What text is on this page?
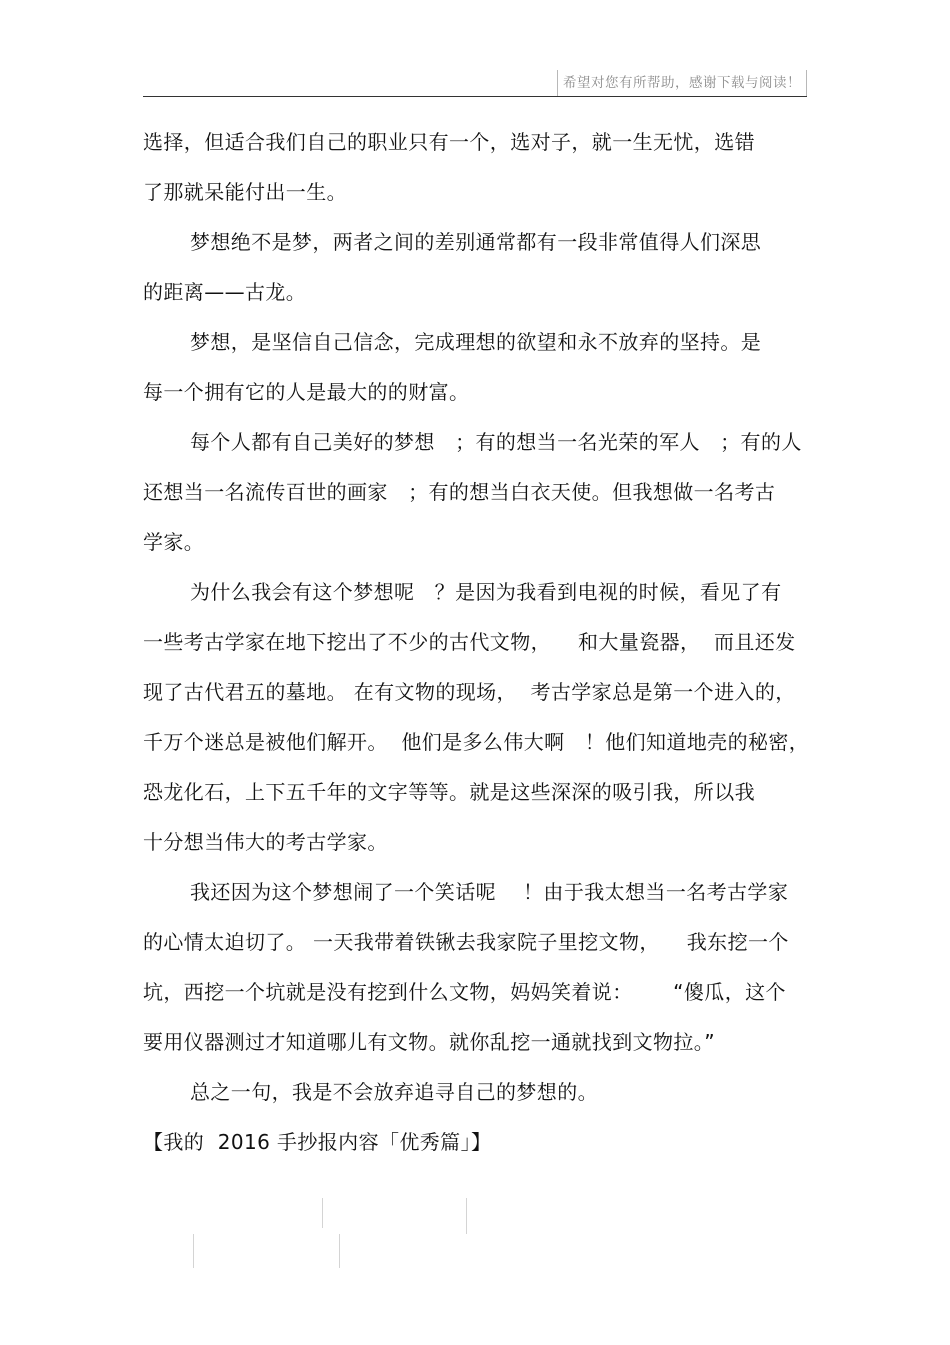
希望对您有所帮助，感谢下载与阅读！
选择，但适合我们自己的职业只有一个，选对子，就一生无忧，选错
了那就呆能付出一生。
梦想绝不是梦，两者之间的差别通常都有一段非常值得人们深思
的距离——古龙。
梦想，是坚信自己信念，完成理想的欲望和永不放弃的坚持。是
每一个拥有它的人是最大的的财富。
每个人都有自己美好的梦想   ；有的想当一名光荣的军人   ；有的人
还想当一名流传百世的画家   ；有的想当白衣天使。但我想做一名考古
学家。
为什么我会有这个梦想呢   ？是因为我看到电视的时候，看见了有
一些考古学家在地下挖出了不少的古代文物，    和大量瓷器，  而且还发
现了古代君五的墓地。 在有文物的现场，  考古学家总是第一个进入的，
千万个迷总是被他们解开。  他们是多么伟大啊   ！他们知道地壳的秘密，
恐龙化石，上下五千年的文字等等。就是这些深深的吸引我，所以我
十分想当伟大的考古学家。
我还因为这个梦想闹了一个笑话呢    ！由于我太想当一名考古学家
的心情太迫切了。 一天我带着铁锹去我家院子里挖文物，    我东挖一个
坑，西挖一个坑就是没有挖到什么文物，妈妈笑着说：      “傻瓜，这个
要用仪器测过才知道哪儿有文物。就你乱挖一通就找到文物拉。”
总之一句，我是不会放弃追寻自己的梦想的。
【我的  2016 手抄报内容「优秀篇」】
